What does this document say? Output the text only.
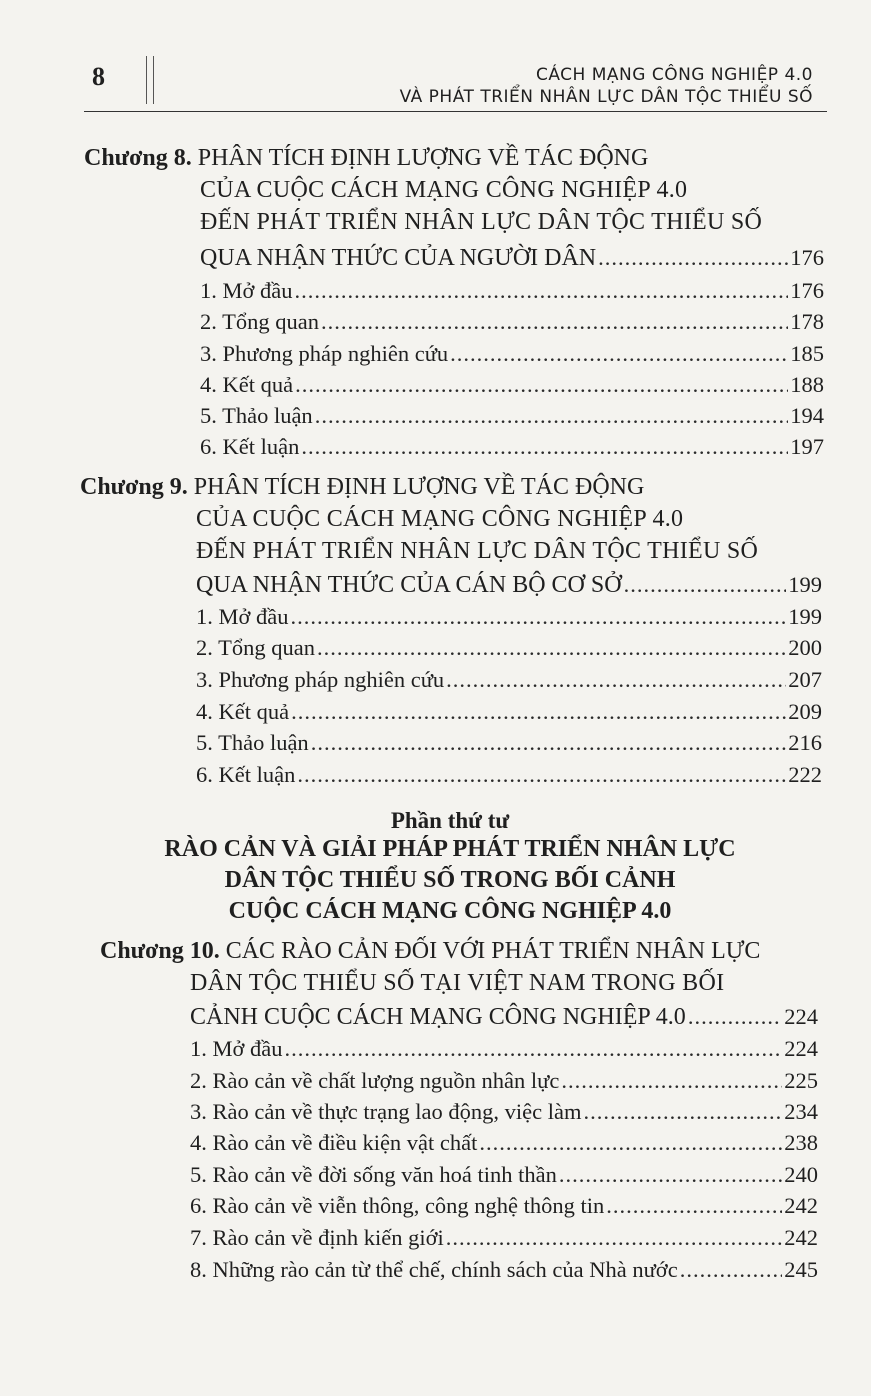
8	CÁCH MẠNG CÔNG NGHIỆP 4.0
VÀ PHÁT TRIỂN NHÂN LỰC DÂN TỘC THIỂU SỐ
Chương 8. PHÂN TÍCH ĐỊNH LƯỢNG VỀ TÁC ĐỘNG
CỦA CUỘC CÁCH MẠNG CÔNG NGHIỆP 4.0
ĐẾN PHÁT TRIỂN NHÂN LỰC DÂN TỘC THIỂU SỐ
QUA NHẬN THỨC CỦA NGƯỜI DÂN .....	176
1. Mở đầu .....	176
2. Tổng quan .....	178
3. Phương pháp nghiên cứu .....	185
4. Kết quả .....	188
5. Thảo luận .....	194
6. Kết luận .....	197
Chương 9. PHÂN TÍCH ĐỊNH LƯỢNG VỀ TÁC ĐỘNG
CỦA CUỘC CÁCH MẠNG CÔNG NGHIỆP 4.0
ĐẾN PHÁT TRIỂN NHÂN LỰC DÂN TỘC THIỂU SỐ
QUA NHẬN THỨC CỦA CÁN BỘ CƠ SỞ .....	199
1. Mở đầu .....	199
2. Tổng quan .....	200
3. Phương pháp nghiên cứu .....	207
4. Kết quả .....	209
5. Thảo luận .....	216
6. Kết luận .....	222
Phần thứ tư
RÀO CẢN VÀ GIẢI PHÁP PHÁT TRIỂN NHÂN LỰC
DÂN TỘC THIỂU SỐ TRONG BỐI CẢNH
CUỘC CÁCH MẠNG CÔNG NGHIỆP 4.0
Chương 10. CÁC RÀO CẢN ĐỐI VỚI PHÁT TRIỂN NHÂN LỰC
DÂN TỘC THIỂU SỐ TẠI VIỆT NAM TRONG BỐI
CẢNH CUỘC CÁCH MẠNG CÔNG NGHIỆP 4.0 .....	224
1. Mở đầu .....	224
2. Rào cản về chất lượng nguồn nhân lực .....	225
3. Rào cản về thực trạng lao động, việc làm .....	234
4. Rào cản về điều kiện vật chất .....	238
5. Rào cản về đời sống văn hoá tinh thần .....	240
6. Rào cản về viễn thông, công nghệ thông tin .....	242
7. Rào cản về định kiến giới .....	242
8. Những rào cản từ thể chế, chính sách của Nhà nước .....	245
